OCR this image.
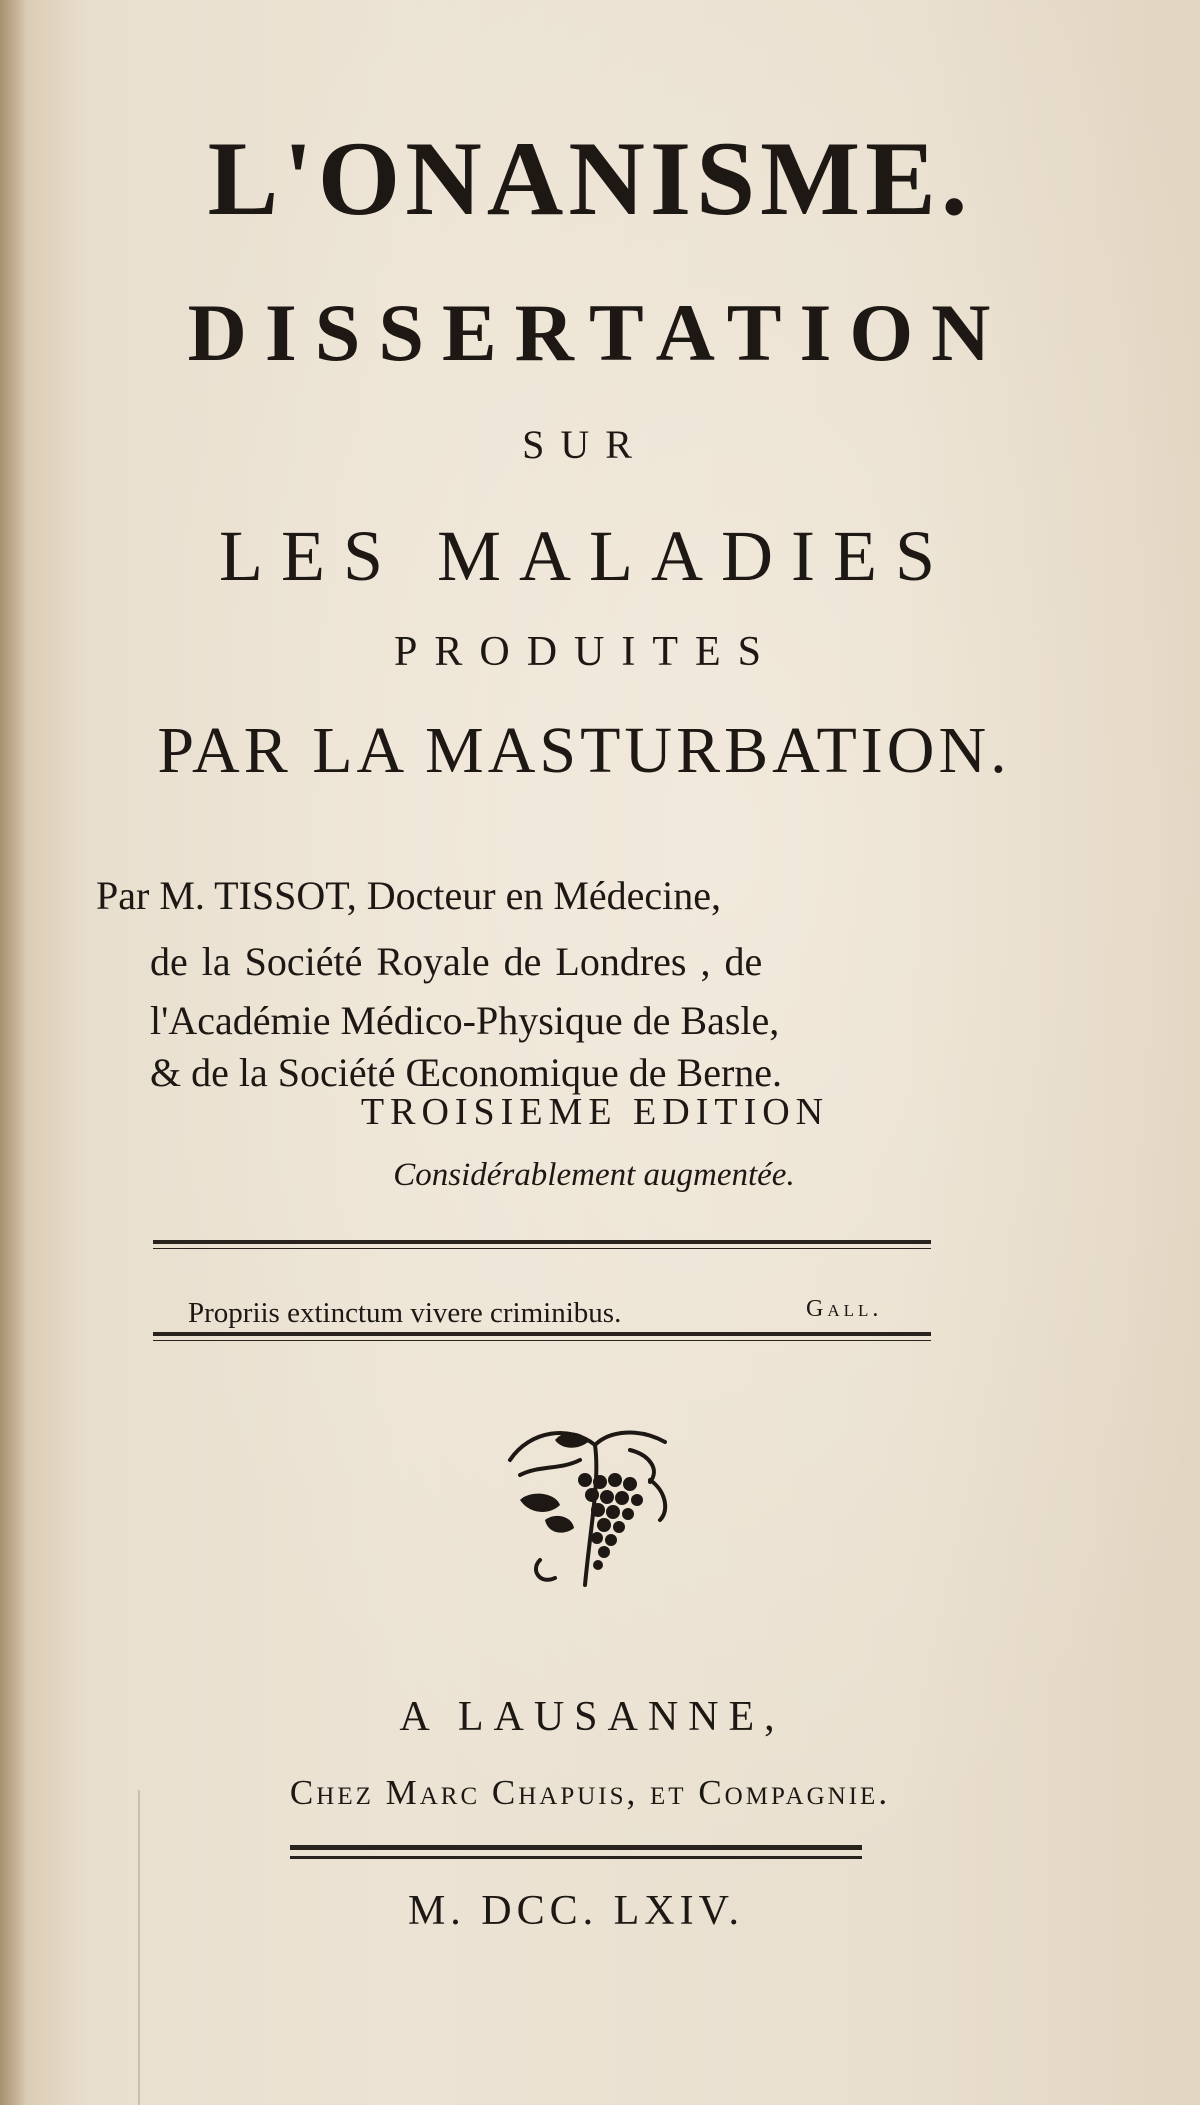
L'ONANISME.

DISSERTATION

SUR

LES MALADIES

PRODUITES

PAR LA MASTURBATION.

Par M. TISSOT, Docteur en Médecine,

de la Société Royale de Londres , de

l'Académie Médico-Physique de Basle,

& de la Société Œconomique de Berne.

TROISIEME EDITION

Considérablement augmentée.

Propriis extinctum vivere criminibus.	Gall.

A LAUSANNE,

Chez Marc Chapuis, et Compagnie.

M. DCC. LXIV.
